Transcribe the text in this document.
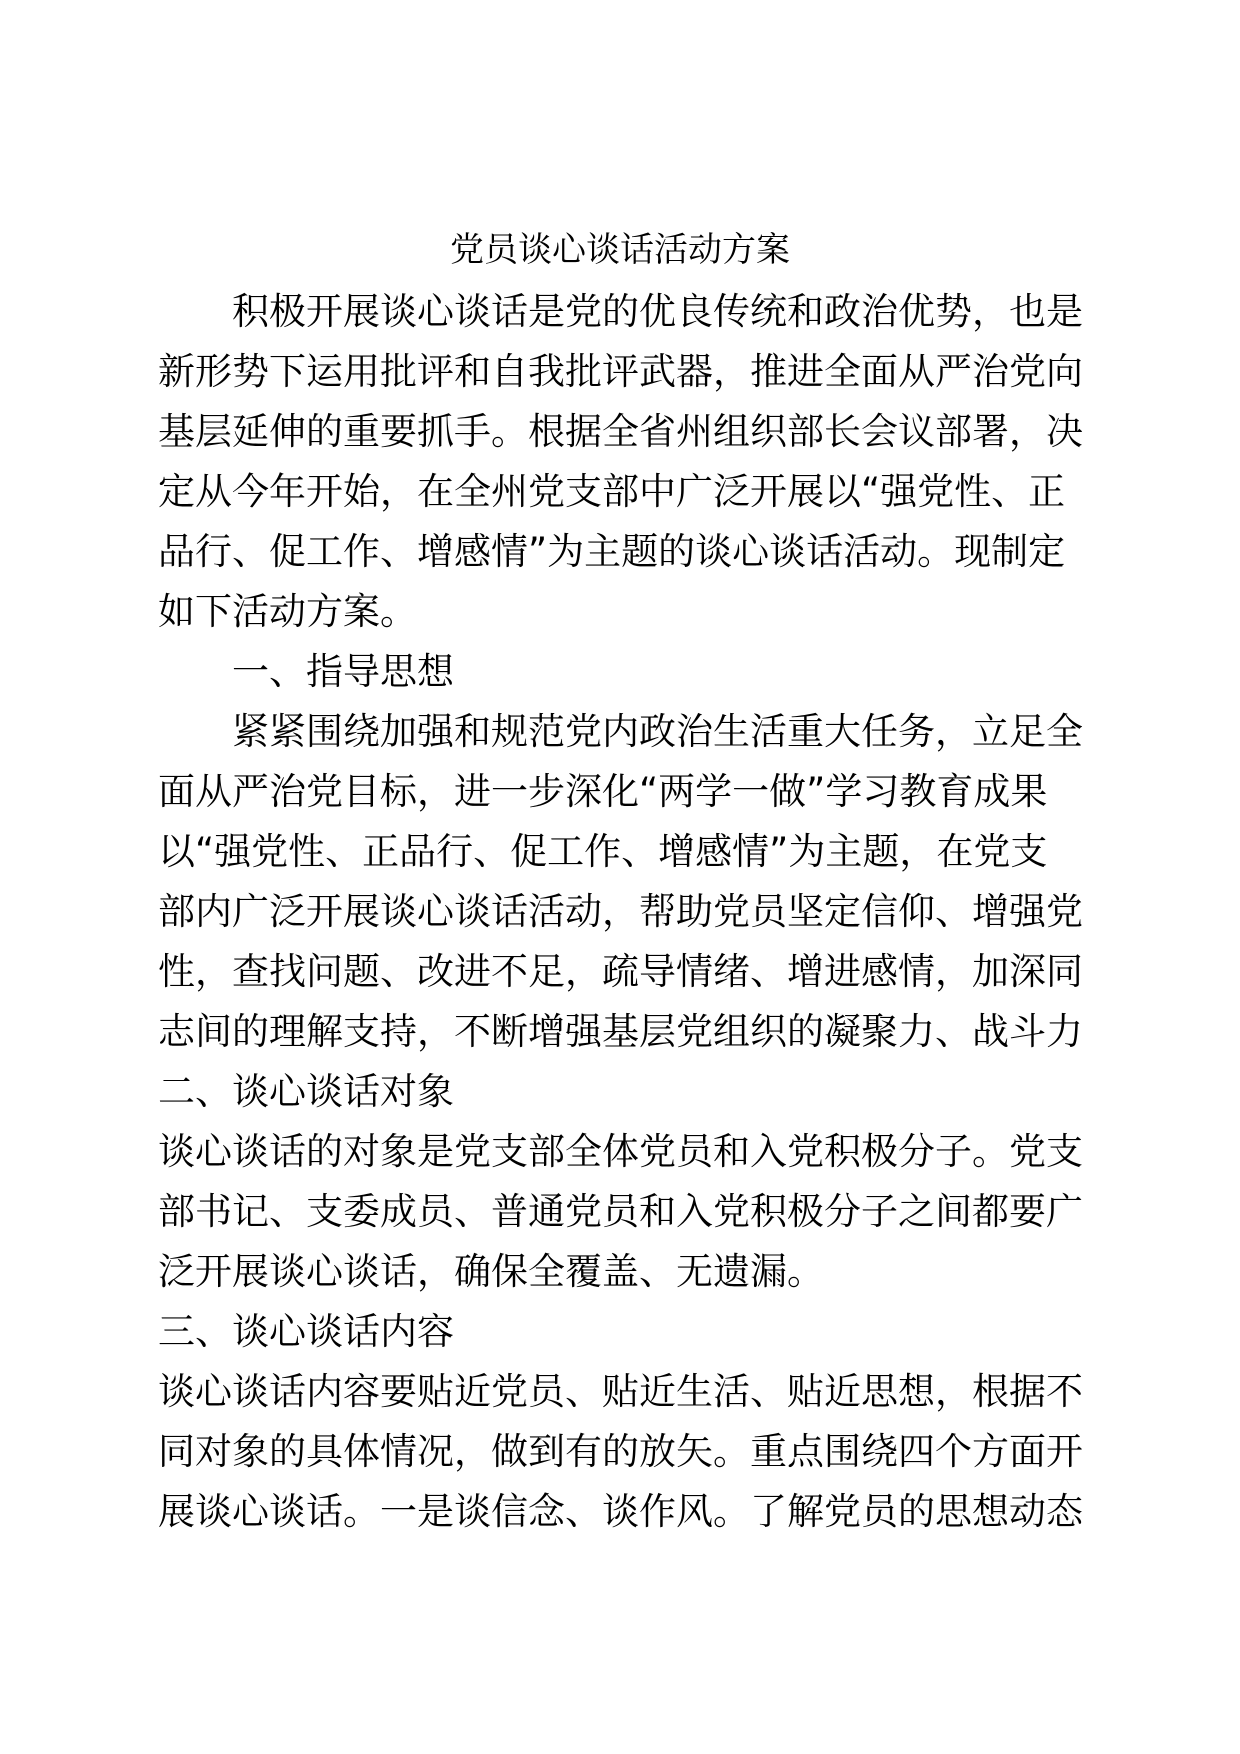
党员谈心谈话活动方案
积极开展谈心谈话是党的优良传统和政治优势，也是
新形势下运用批评和自我批评武器，推进全面从严治党向
基层延伸的重要抓手。根据全省州组织部长会议部署，决
定从今年开始，在全州党支部中广泛开展以“强党性、正
品行、促工作、增感情”为主题的谈心谈话活动。现制定
如下活动方案。
一、指导思想
紧紧围绕加强和规范党内政治生活重大任务，立足全
面从严治党目标，进一步深化“两学一做”学习教育成果
以“强党性、正品行、促工作、增感情”为主题，在党支
部内广泛开展谈心谈话活动，帮助党员坚定信仰、增强党
性，查找问题、改进不足，疏导情绪、增进感情，加深同
志间的理解支持，不断增强基层党组织的凝聚力、战斗力
二、谈心谈话对象
谈心谈话的对象是党支部全体党员和入党积极分子。党支
部书记、支委成员、普通党员和入党积极分子之间都要广
泛开展谈心谈话，确保全覆盖、无遗漏。
三、谈心谈话内容
谈心谈话内容要贴近党员、贴近生活、贴近思想，根据不
同对象的具体情况，做到有的放矢。重点围绕四个方面开
展谈心谈话。一是谈信念、谈作风。了解党员的思想动态
